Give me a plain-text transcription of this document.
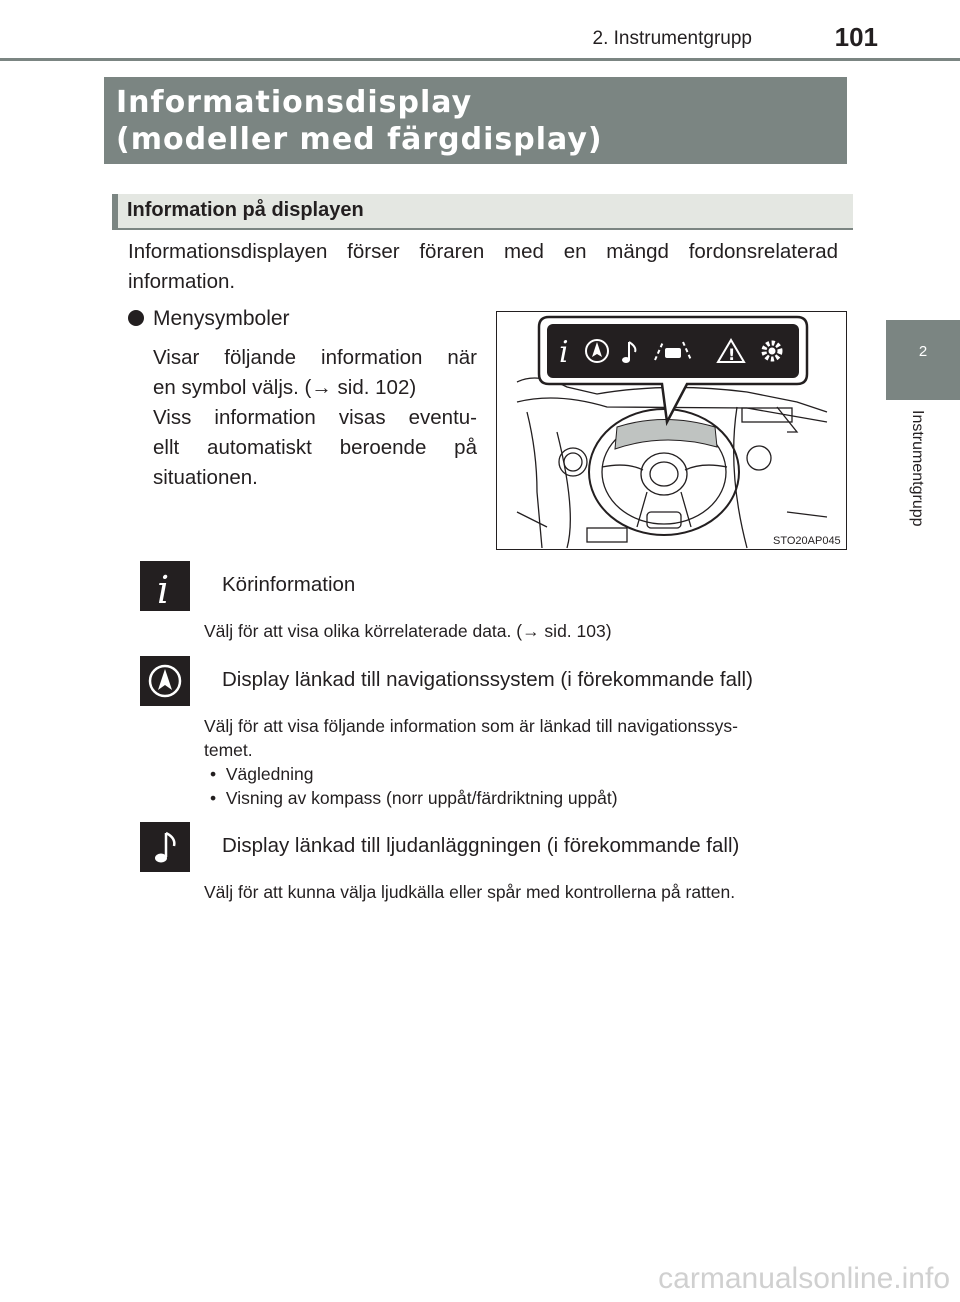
2. Instrumentgrupp	101
2
Instrumentgrupp
Informationsdisplay
(modeller med färgdisplay)
Information på displayen
Informationsdisplayen förser föraren med en mängd fordonsrelaterad
information.
Menysymboler
Visar följande information när
en symbol väljs. (→ sid. 102)
Viss information visas eventu-
ellt automatiskt beroende på
situationen.
i	!
STO20AP045
i	Körinformation
Välj för att visa olika körrelaterade data. (→ sid. 103)
Display länkad till navigationssystem (i förekommande fall)
Välj för att visa följande information som är länkad till navigationssys-
temet.
•  Vägledning
•  Visning av kompass (norr uppåt/färdriktning uppåt)
Display länkad till ljudanläggningen (i förekommande fall)
Välj för att kunna välja ljudkälla eller spår med kontrollerna på ratten.
carmanualsonline.info
